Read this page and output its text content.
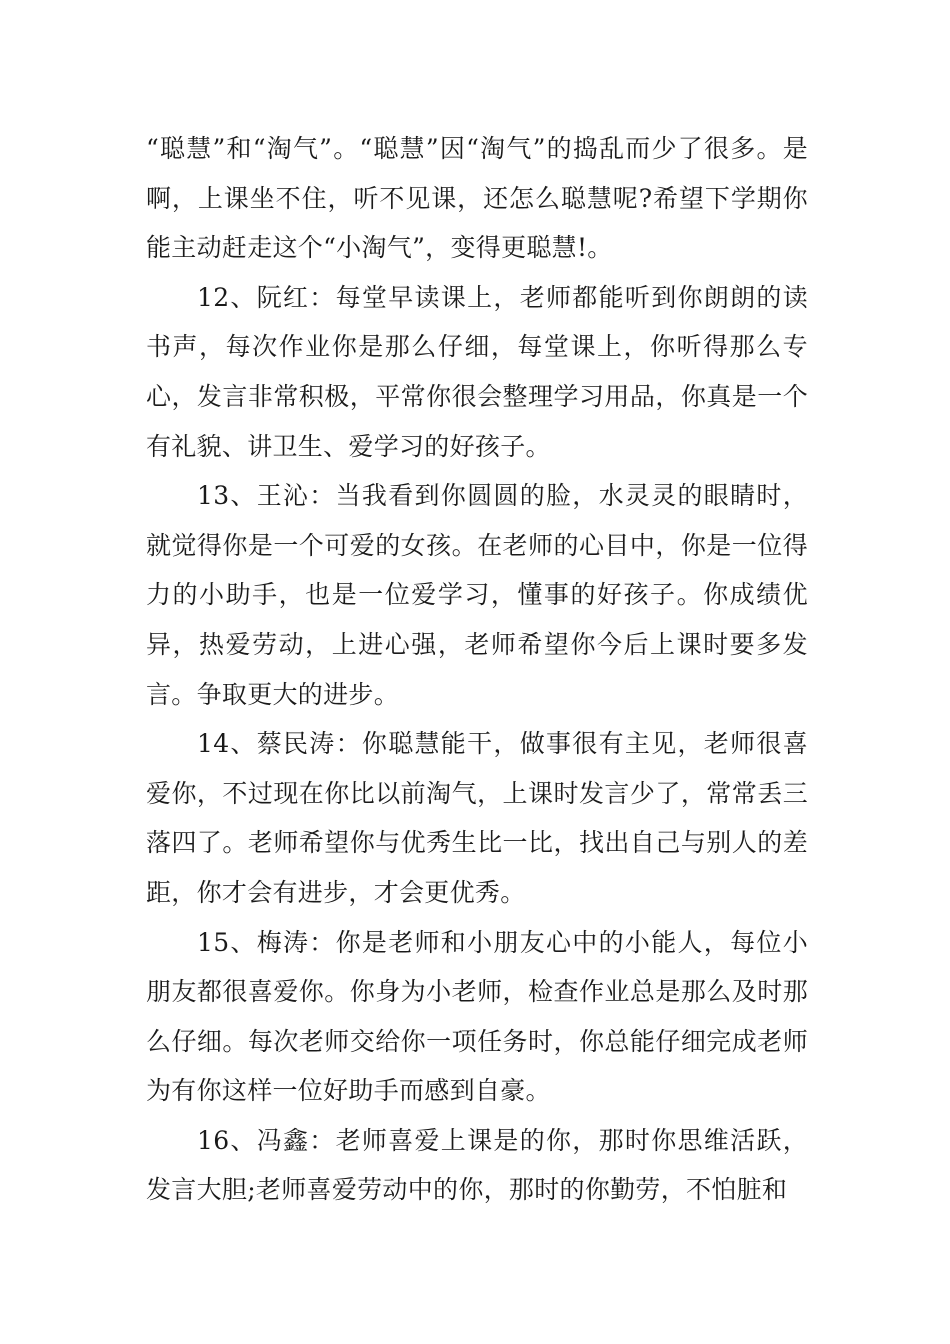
“聪慧”和“淘气”。“聪慧”因“淘气”的捣乱而少了很多。是啊，上课坐不住，听不见课，还怎么聪慧呢?希望下学期你能主动赶走这个“小淘气”，变得更聪慧!。

12、阮红：每堂早读课上，老师都能听到你朗朗的读书声，每次作业你是那么仔细，每堂课上，你听得那么专心，发言非常积极，平常你很会整理学习用品，你真是一个有礼貌、讲卫生、爱学习的好孩子。

13、王沁：当我看到你圆圆的脸，水灵灵的眼睛时，就觉得你是一个可爱的女孩。在老师的心目中，你是一位得力的小助手，也是一位爱学习，懂事的好孩子。你成绩优异，热爱劳动，上进心强，老师希望你今后上课时要多发言。争取更大的进步。

14、蔡民涛：你聪慧能干，做事很有主见，老师很喜爱你，不过现在你比以前淘气，上课时发言少了，常常丢三落四了。老师希望你与优秀生比一比，找出自己与别人的差距，你才会有进步，才会更优秀。

15、梅涛：你是老师和小朋友心中的小能人，每位小朋友都很喜爱你。你身为小老师，检查作业总是那么及时那么仔细。每次老师交给你一项任务时，你总能仔细完成老师为有你这样一位好助手而感到自豪。

16、冯鑫：老师喜爱上课是的你，那时你思维活跃，发言大胆;老师喜爱劳动中的你，那时的你勤劳，不怕脏和
